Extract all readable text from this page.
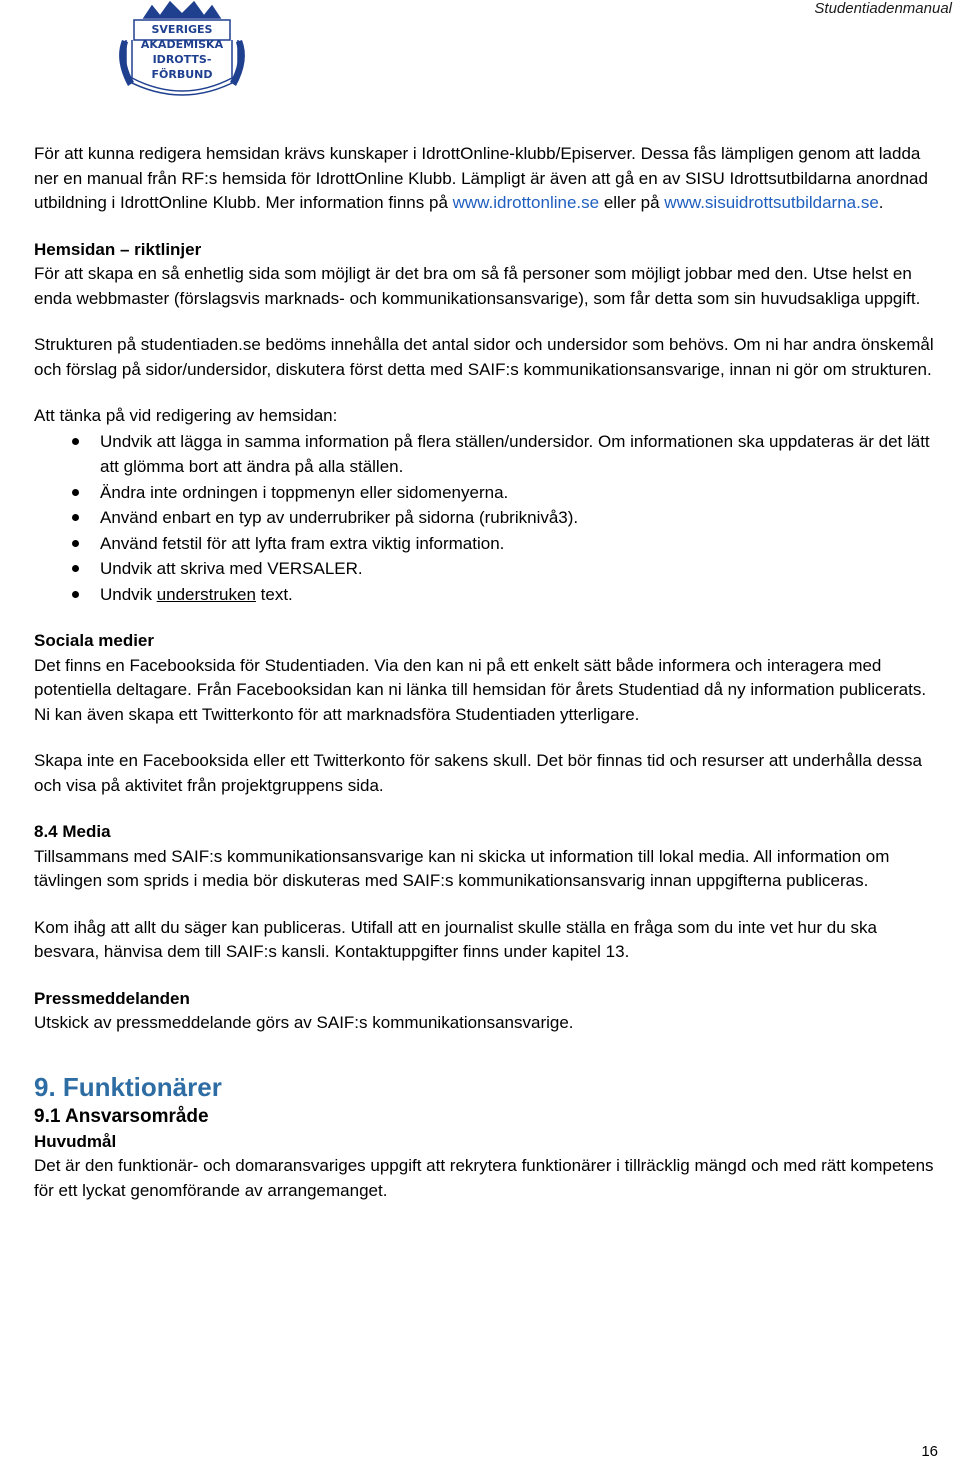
Studentiadenmanual
SVERIGES
AKADEMISKA
IDROTTS-
FÖRBUND

För att kunna redigera hemsidan krävs kunskaper i IdrottOnline-klubb/Episerver. Dessa fås lämpligen genom att ladda ner en manual från RF:s hemsida för IdrottOnline Klubb. Lämpligt är även att gå en av SISU Idrottsutbildarna anordnad utbildning i IdrottOnline Klubb. Mer information finns på www.idrottonline.se eller på www.sisuidrottsutbildarna.se.

Hemsidan – riktlinjer

För att skapa en så enhetlig sida som möjligt är det bra om så få personer som möjligt jobbar med den. Utse helst en enda webbmaster (förslagsvis marknads- och kommunikationsansvarige), som får detta som sin huvudsakliga uppgift.

Strukturen på studentiaden.se bedöms innehålla det antal sidor och undersidor som behövs. Om ni har andra önskemål och förslag på sidor/undersidor, diskutera först detta med SAIF:s kommunikationsansvarige, innan ni gör om strukturen.

Att tänka på vid redigering av hemsidan:

Undvik att lägga in samma information på flera ställen/undersidor. Om informationen ska uppdateras är det lätt att glömma bort att ändra på alla ställen.
Ändra inte ordningen i toppmenyn eller sidomenyerna.
Använd enbart en typ av underrubriker på sidorna (rubriknivå3).
Använd fetstil för att lyfta fram extra viktig information.
Undvik att skriva med VERSALER.
Undvik understruken text.

Sociala medier

Det finns en Facebooksida för Studentiaden. Via den kan ni på ett enkelt sätt både informera och interagera med potentiella deltagare. Från Facebooksidan kan ni länka till hemsidan för årets Studentiad då ny information publicerats. Ni kan även skapa ett Twitterkonto för att marknadsföra Studentiaden ytterligare.

Skapa inte en Facebooksida eller ett Twitterkonto för sakens skull. Det bör finnas tid och resurser att underhålla dessa och visa på aktivitet från projektgruppens sida.

8.4 Media

Tillsammans med SAIF:s kommunikationsansvarige kan ni skicka ut information till lokal media. All information om tävlingen som sprids i media bör diskuteras med SAIF:s kommunikationsansvarig innan uppgifterna publiceras.

Kom ihåg att allt du säger kan publiceras. Utifall att en journalist skulle ställa en fråga som du inte vet hur du ska besvara, hänvisa dem till SAIF:s kansli. Kontaktuppgifter finns under kapitel 13.

Pressmeddelanden

Utskick av pressmeddelande görs av SAIF:s kommunikationsansvarige.

9. Funktionärer

9.1 Ansvarsområde

Huvudmål

Det är den funktionär- och domaransvariges uppgift att rekrytera funktionärer i tillräcklig mängd och med rätt kompetens för ett lyckat genomförande av arrangemanget.

16
